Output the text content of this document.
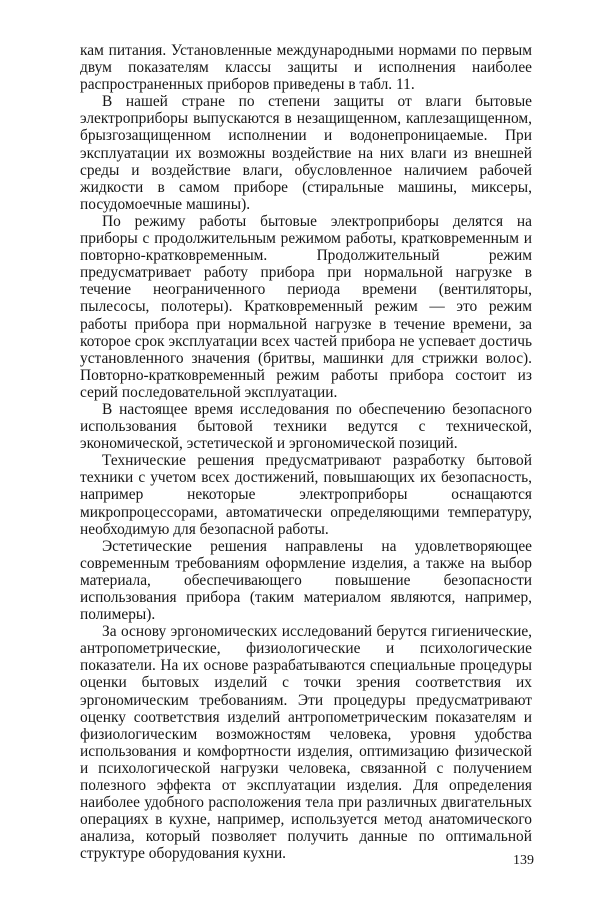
кам питания. Установленные международными нормами по первым двум показателям классы защиты и исполнения наиболее распространенных приборов приведены в табл. 11.

В нашей стране по степени защиты от влаги бытовые электроприборы выпускаются в незащищенном, каплезащищенном, брызгозащищенном исполнении и водонепроницаемые. При эксплуатации их возможны воздействие на них влаги из внешней среды и воздействие влаги, обусловленное наличием рабочей жидкости в самом приборе (стиральные машины, миксеры, посудомоечные машины).

По режиму работы бытовые электроприборы делятся на приборы с продолжительным режимом работы, кратковременным и повторно-кратковременным. Продолжительный режим предусматривает работу прибора при нормальной нагрузке в течение неограниченного периода времени (вентиляторы, пылесосы, полотеры). Кратковременный режим — это режим работы прибора при нормальной нагрузке в течение времени, за которое срок эксплуатации всех частей прибора не успевает достичь установленного значения (бритвы, машинки для стрижки волос). Повторно-кратковременный режим работы прибора состоит из серий последовательной эксплуатации.

В настоящее время исследования по обеспечению безопасного использования бытовой техники ведутся с технической, экономической, эстетической и эргономической позиций.

Технические решения предусматривают разработку бытовой техники с учетом всех достижений, повышающих их безопасность, например некоторые электроприборы оснащаются микропроцессорами, автоматически определяющими температуру, необходимую для безопасной работы.

Эстетические решения направлены на удовлетворяющее современным требованиям оформление изделия, а также на выбор материала, обеспечивающего повышение безопасности использования прибора (таким материалом являются, например, полимеры).

За основу эргономических исследований берутся гигиенические, антропометрические, физиологические и психологические показатели. На их основе разрабатываются специальные процедуры оценки бытовых изделий с точки зрения соответствия их эргономическим требованиям. Эти процедуры предусматривают оценку соответствия изделий антропометрическим показателям и физиологическим возможностям человека, уровня удобства использования и комфортности изделия, оптимизацию физической и психологической нагрузки человека, связанной с получением полезного эффекта от эксплуатации изделия. Для определения наиболее удобного расположения тела при различных двигательных операциях в кухне, например, используется метод анатомического анализа, который позволяет получить данные по оптимальной структуре оборудования кухни.	139
